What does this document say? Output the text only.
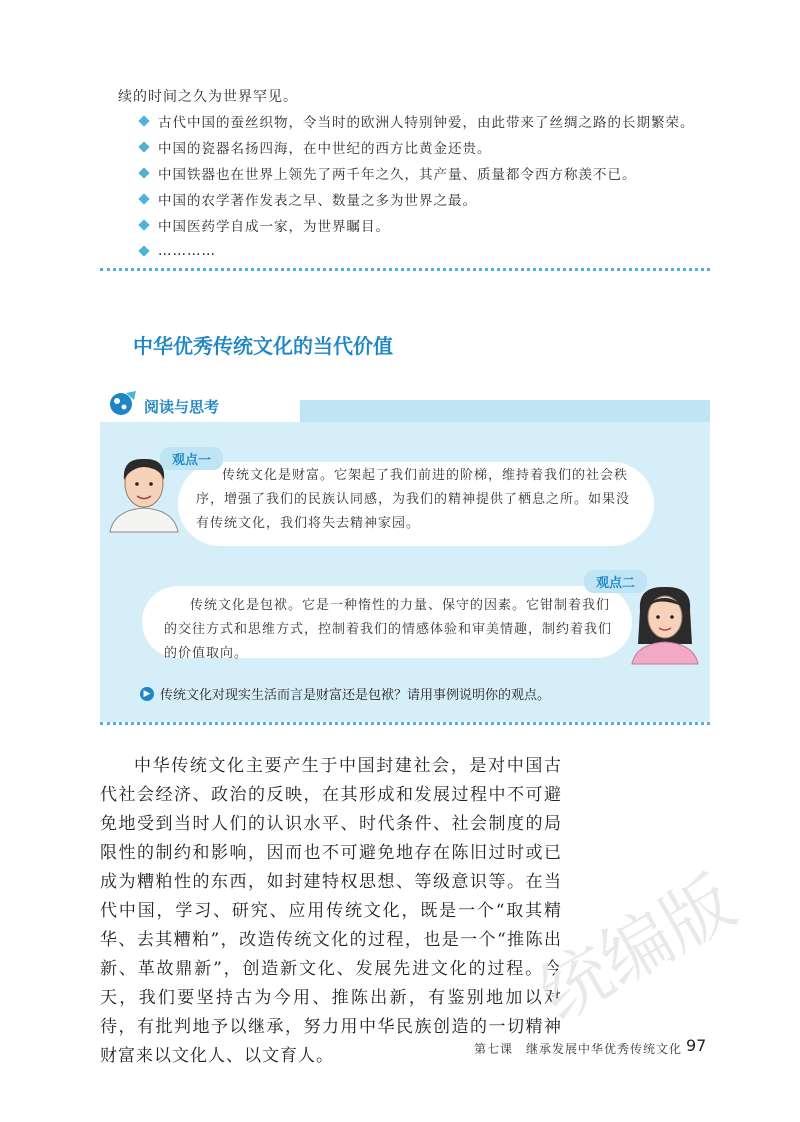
续的时间之久为世界罕见。
古代中国的蚕丝织物，令当时的欧洲人特别钟爱，由此带来了丝绸之路的长期繁荣。
中国的瓷器名扬四海，在中世纪的西方比黄金还贵。
中国铁器也在世界上领先了两千年之久，其产量、质量都令西方称羡不已。
中国的农学著作发表之早、数量之多为世界之最。
中国医药学自成一家，为世界瞩目。
…………
中华优秀传统文化的当代价值
阅读与思考
观点一
传统文化是财富。它架起了我们前进的阶梯，维持着我们的社会秩序，增强了我们的民族认同感，为我们的精神提供了栖息之所。如果没有传统文化，我们将失去精神家园。
观点二
传统文化是包袱。它是一种惰性的力量、保守的因素。它钳制着我们的交往方式和思维方式，控制着我们的情感体验和审美情趣，制约着我们的价值取向。
▶ 传统文化对现实生活而言是财富还是包袱？请用事例说明你的观点。
中华传统文化主要产生于中国封建社会，是对中国古代社会经济、政治的反映，在其形成和发展过程中不可避免地受到当时人们的认识水平、时代条件、社会制度的局限性的制约和影响，因而也不可避免地存在陈旧过时或已成为糟粕性的东西，如封建特权思想、等级意识等。在当代中国，学习、研究、应用传统文化，既是一个“取其精华、去其糟粕”，改造传统文化的过程，也是一个“推陈出新、革故鼎新”，创造新文化、发展先进文化的过程。今天，我们要坚持古为今用、推陈出新，有鉴别地加以对待，有批判地予以继承，努力用中华民族创造的一切精神财富来以文化人、以文育人。
统编版
第七课　继承发展中华优秀传统文化 97
